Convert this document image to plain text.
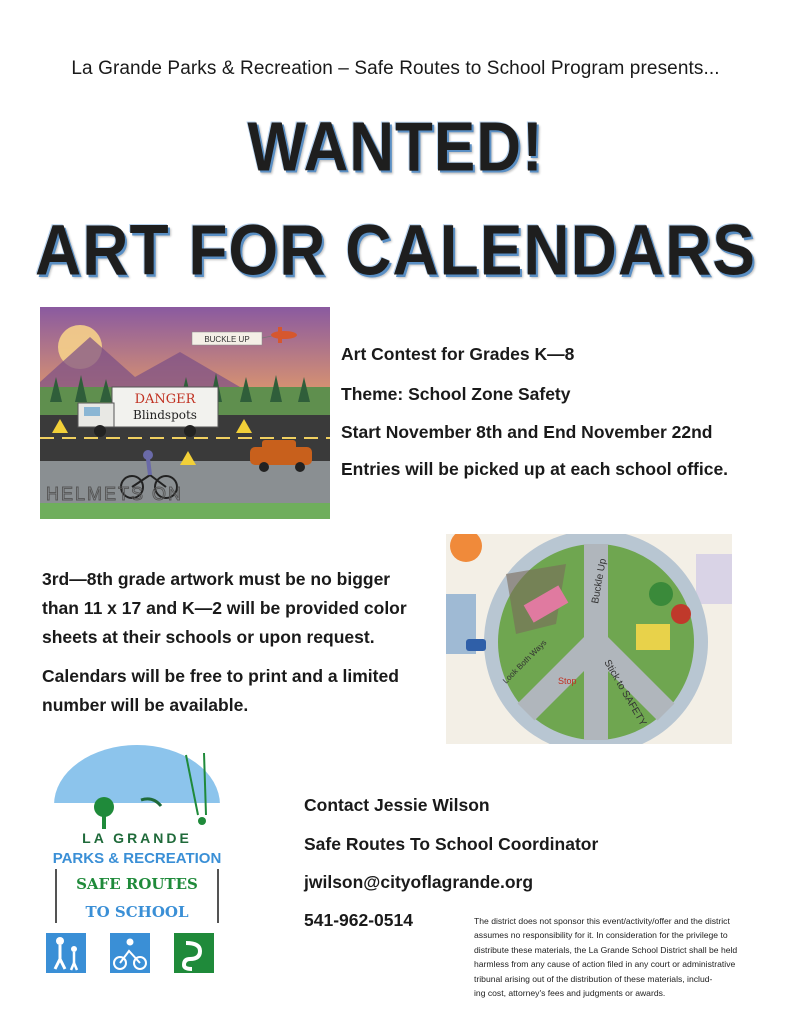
La Grande Parks & Recreation – Safe Routes to School Program presents...
WANTED!
ART FOR CALENDARS
BUCKLE UP
DANGER
Blindspots
HELMETS ON
Art Contest for Grades K—8
Theme: School Zone Safety
Start November 8th and End November 22nd
Entries will be picked up at each school office.
3rd—8th grade artwork must be no bigger
than 11 x 17 and K—2 will be provided color
sheets at their schools or upon request.
Calendars will be free to print and a limited
number will be available.
Buckle Up
Look Both Ways Stop Stick to SAFETY
LA GRANDE
PARKS & RECREATION
SAFE ROUTES
TO SCHOOL
Contact Jessie Wilson
Safe Routes To School Coordinator
jwilson@cityoflagrande.org
541-962-0514	The district does not sponsor this event/activity/offer and the district
assumes no responsibility for it. In consideration for the privilege to
distribute these materials, the La Grande School District shall be held
harmless from any cause of action filed in any court or administrative
tribunal arising out of the distribution of these materials, includ-
ing cost, attorney's fees and judgments or awards.
